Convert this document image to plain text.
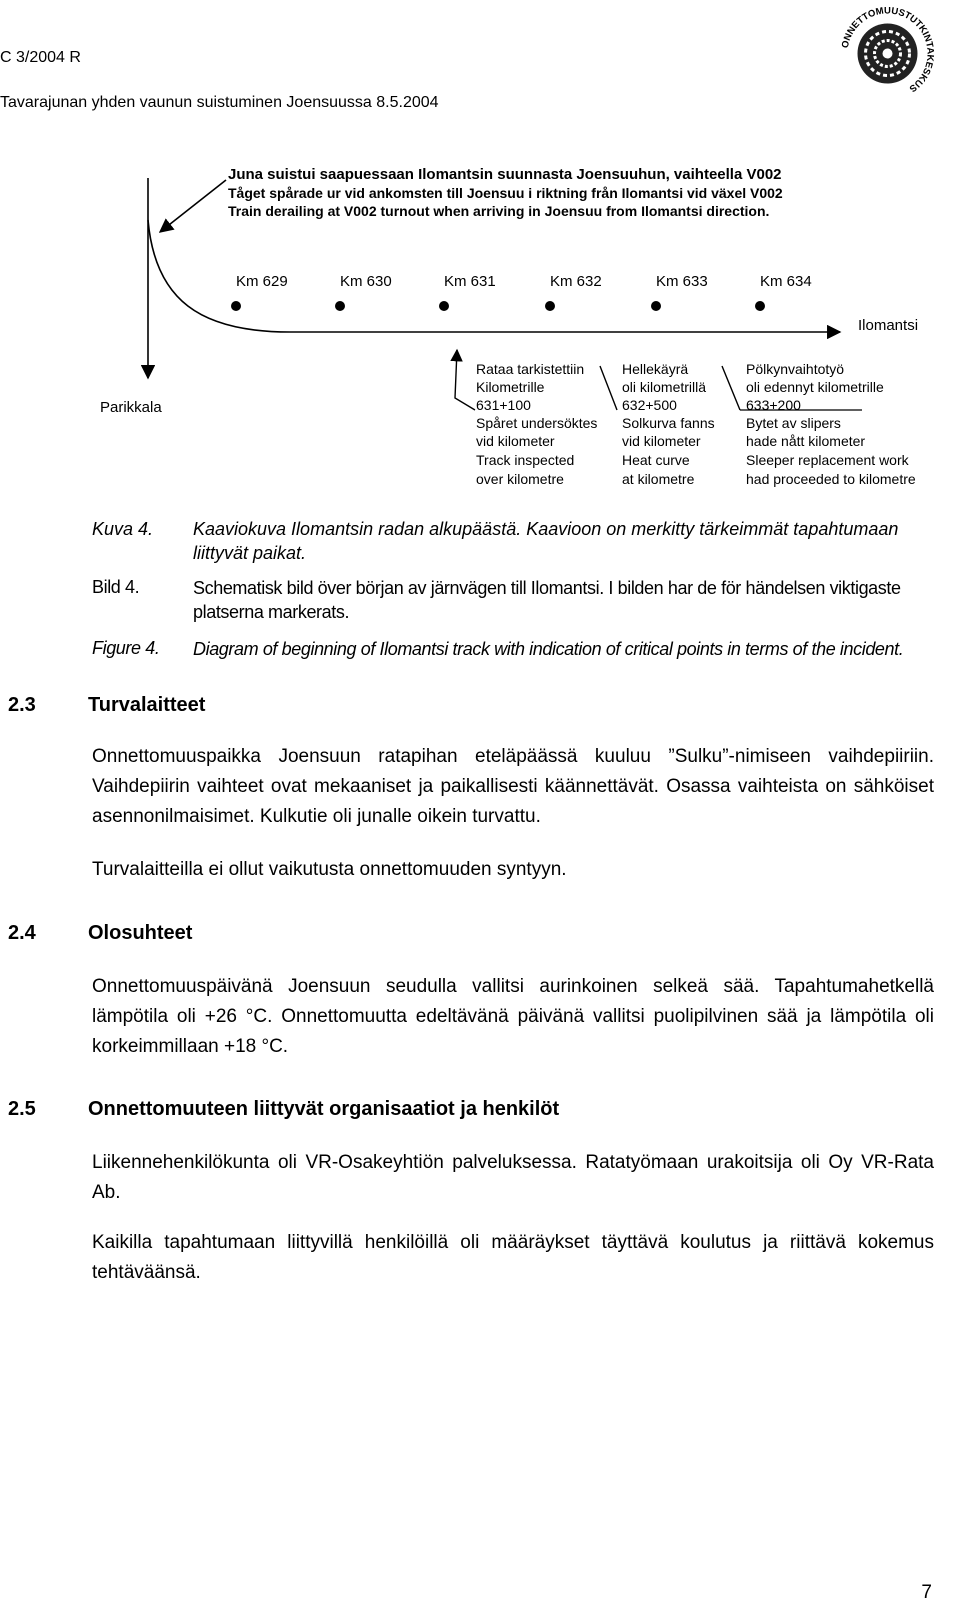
C 3/2004 R
Tavarajunan yhden vaunun suistuminen Joensuussa 8.5.2004
ONNETTOMUUSTUTKINTAKESKUS
Juna suistui saapuessaan Ilomantsin suunnasta Joensuuhun, vaihteella V002
Tåget spårade ur vid ankomsten till Joensuu i riktning från Ilomantsi vid växel V002
Train derailing at V002 turnout when arriving in Joensuu from Ilomantsi direction.
Parikkala
Ilomantsi
Km 629	Km 630	Km 631	Km 632	Km 633	Km 634
Rataa tarkistettiin
Kilometrille
631+100
Spåret undersöktes
vid kilometer
Track inspected
over kilometre
Hellekäyrä
oli kilometrillä
632+500
Solkurva fanns
vid kilometer
Heat curve
at kilometre
Pölkynvaihtotyö
oli edennyt kilometrille
633+200
Bytet av slipers
hade nått kilometer
Sleeper replacement work
had proceeded to kilometre
Kuva 4. Kaaviokuva Ilomantsin radan alkupäästä. Kaavioon on merkitty tärkeimmät tapahtumaan liittyvät paikat.
Bild 4.	Schematisk bild över början av järnvägen till Ilomantsi. I bilden har de för händelsen viktigaste platserna markerats.
Figure 4. Diagram of beginning of Ilomantsi track with indication of critical points in terms of the incident.
2.3	Turvalaitteet

Onnettomuuspaikka Joensuun ratapihan eteläpäässä kuuluu ”Sulku”-nimiseen vaihdepiiriin. Vaihdepiirin vaihteet ovat mekaaniset ja paikallisesti käännettävät. Osassa vaihteista on sähköiset asennonilmaisimet. Kulkutie oli junalle oikein turvattu.

Turvalaitteilla ei ollut vaikutusta onnettomuuden syntyyn.

2.4	Olosuhteet

Onnettomuuspäivänä Joensuun seudulla vallitsi aurinkoinen selkeä sää. Tapahtumahetkellä lämpötila oli +26 °C. Onnettomuutta edeltävänä päivänä vallitsi puolipilvinen sää ja lämpötila oli korkeimmillaan +18 °C.

2.5	Onnettomuuteen liittyvät organisaatiot ja henkilöt

Liikennehenkilökunta oli VR-Osakeyhtiön palveluksessa. Ratatyömaan urakoitsija oli Oy VR-Rata Ab.

Kaikilla tapahtumaan liittyvillä henkilöillä oli määräykset täyttävä koulutus ja riittävä kokemus tehtäväänsä.

7
